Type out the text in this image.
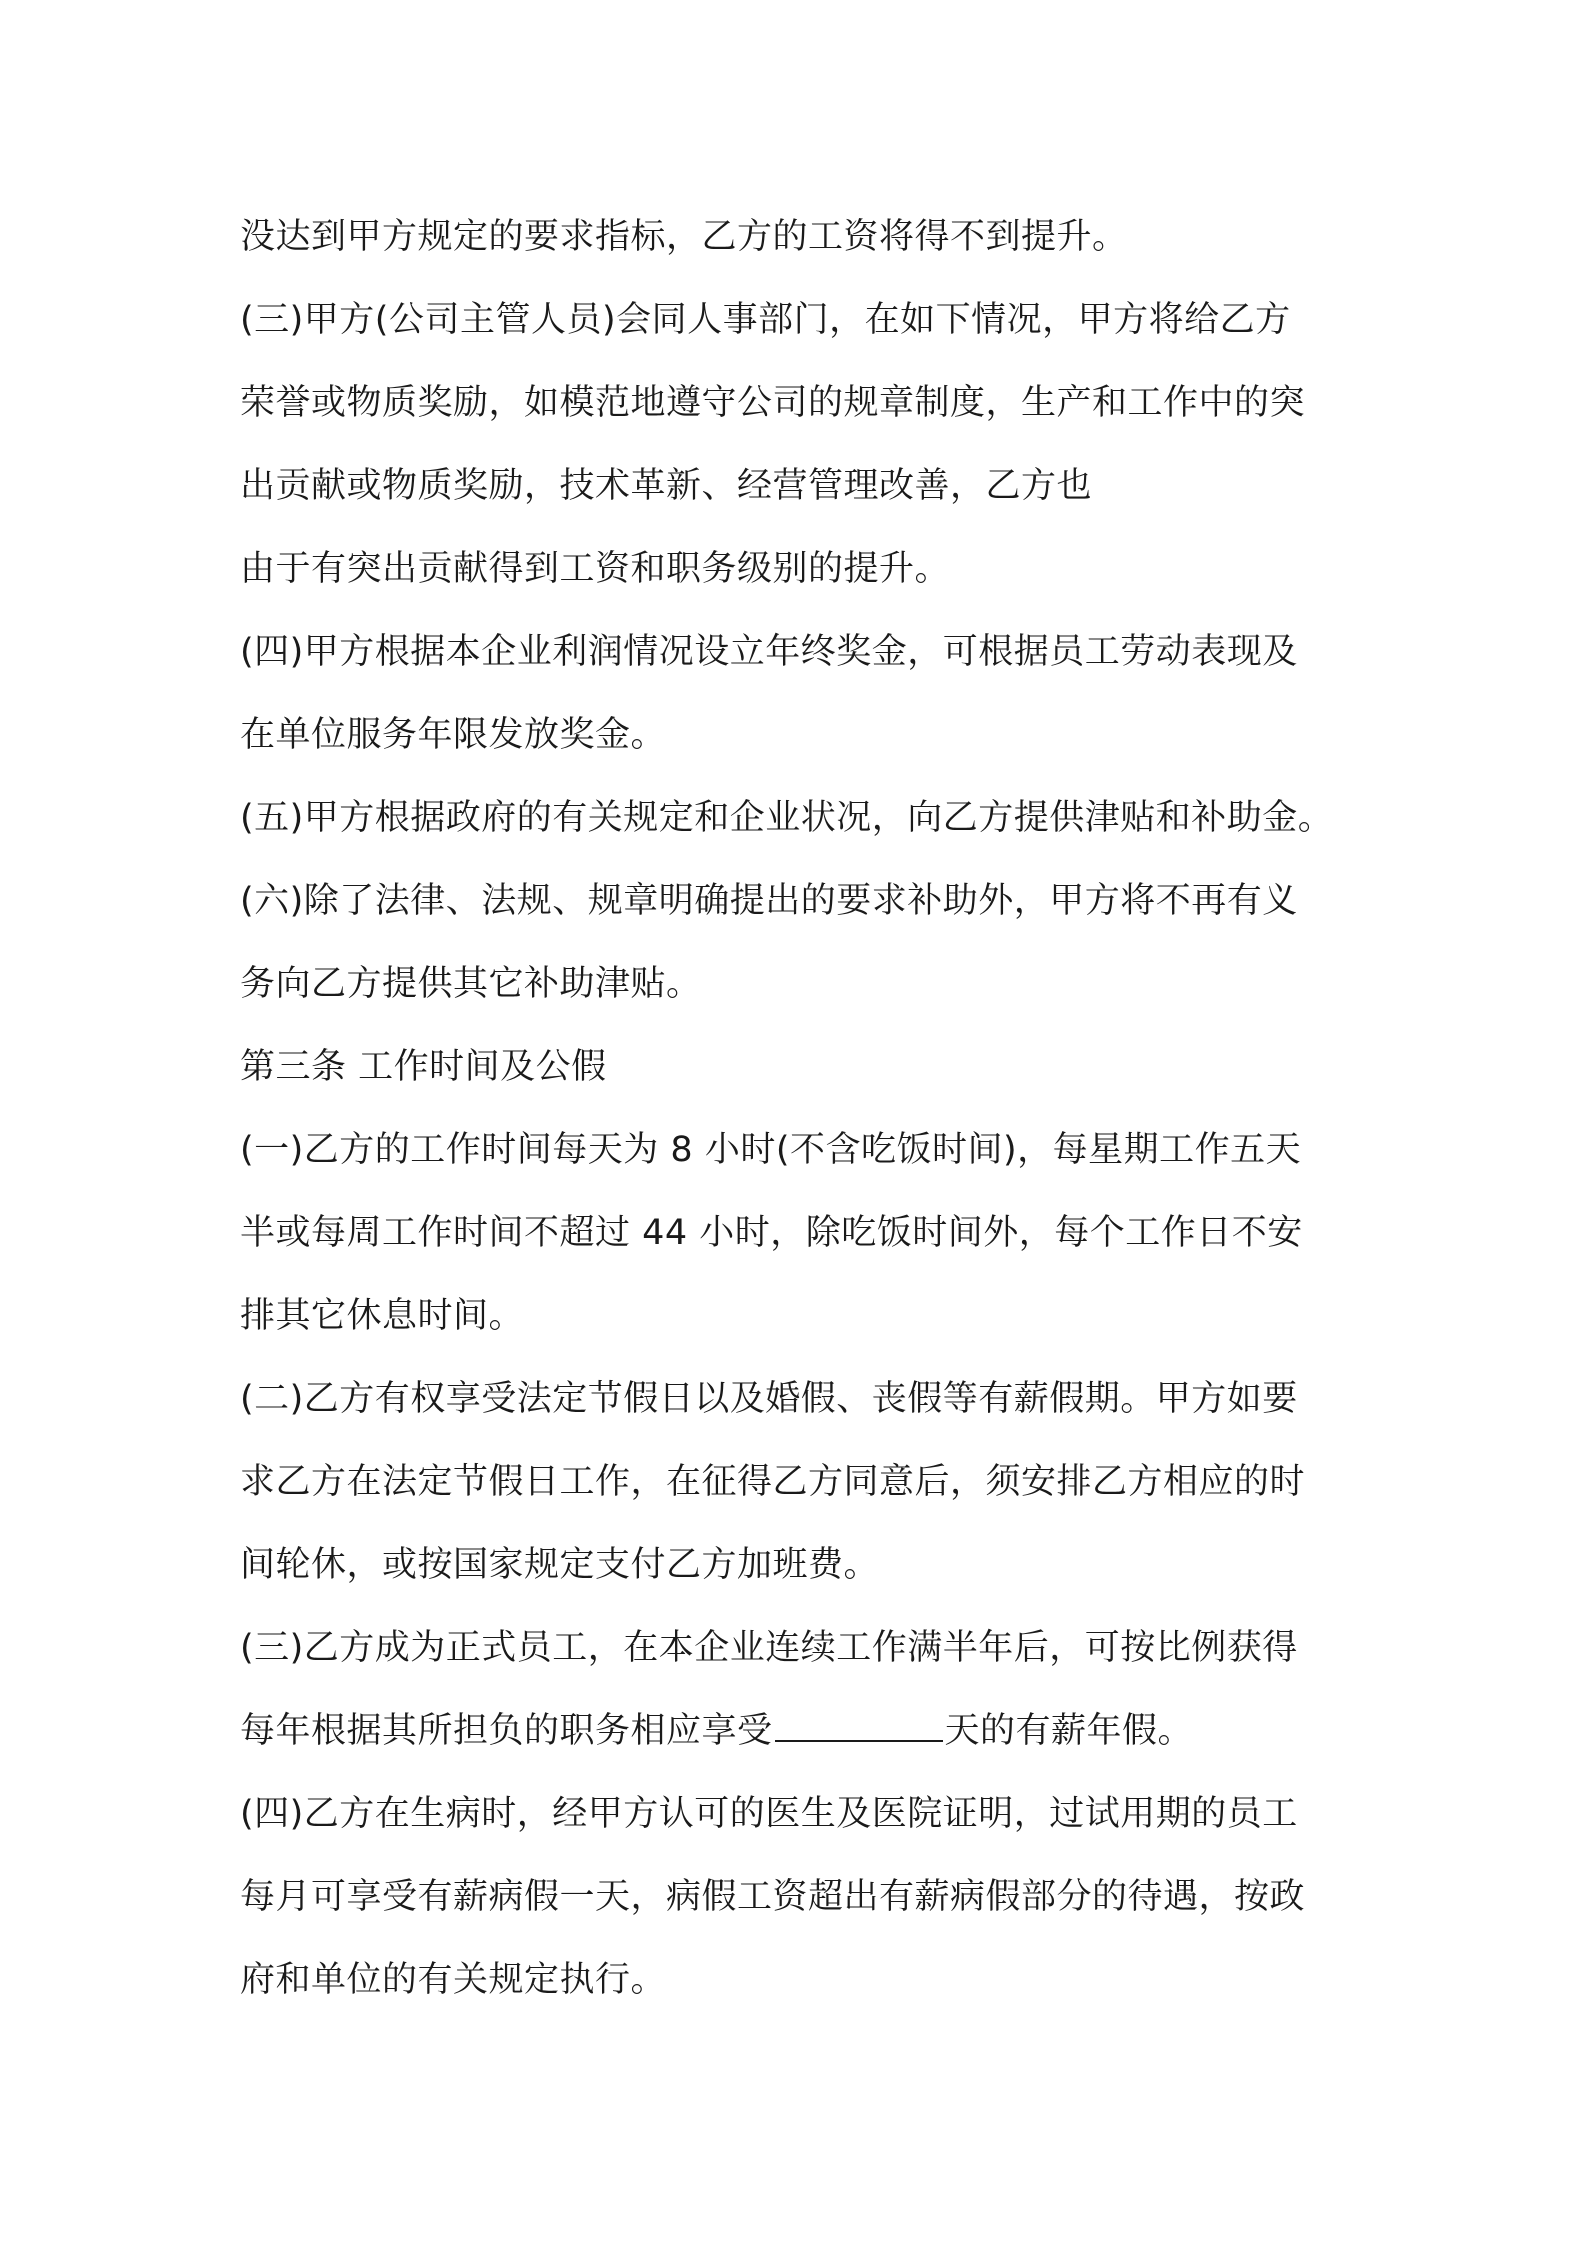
没达到甲方规定的要求指标，乙方的工资将得不到提升。
(三)甲方(公司主管人员)会同人事部门，在如下情况，甲方将给乙方
荣誉或物质奖励，如模范地遵守公司的规章制度，生产和工作中的突
出贡献或物质奖励，技术革新、经营管理改善，乙方也
由于有突出贡献得到工资和职务级别的提升。
(四)甲方根据本企业利润情况设立年终奖金，可根据员工劳动表现及
在单位服务年限发放奖金。
(五)甲方根据政府的有关规定和企业状况，向乙方提供津贴和补助金。
(六)除了法律、法规、规章明确提出的要求补助外，甲方将不再有义
务向乙方提供其它补助津贴。
第三条 工作时间及公假
(一)乙方的工作时间每天为 8 小时(不含吃饭时间)，每星期工作五天
半或每周工作时间不超过 44 小时，除吃饭时间外，每个工作日不安
排其它休息时间。
(二)乙方有权享受法定节假日以及婚假、丧假等有薪假期。甲方如要
求乙方在法定节假日工作，在征得乙方同意后，须安排乙方相应的时
间轮休，或按国家规定支付乙方加班费。
(三)乙方成为正式员工，在本企业连续工作满半年后，可按比例获得
每年根据其所担负的职务相应享受	天的有薪年假。
(四)乙方在生病时，经甲方认可的医生及医院证明，过试用期的员工
每月可享受有薪病假一天，病假工资超出有薪病假部分的待遇，按政
府和单位的有关规定执行。
